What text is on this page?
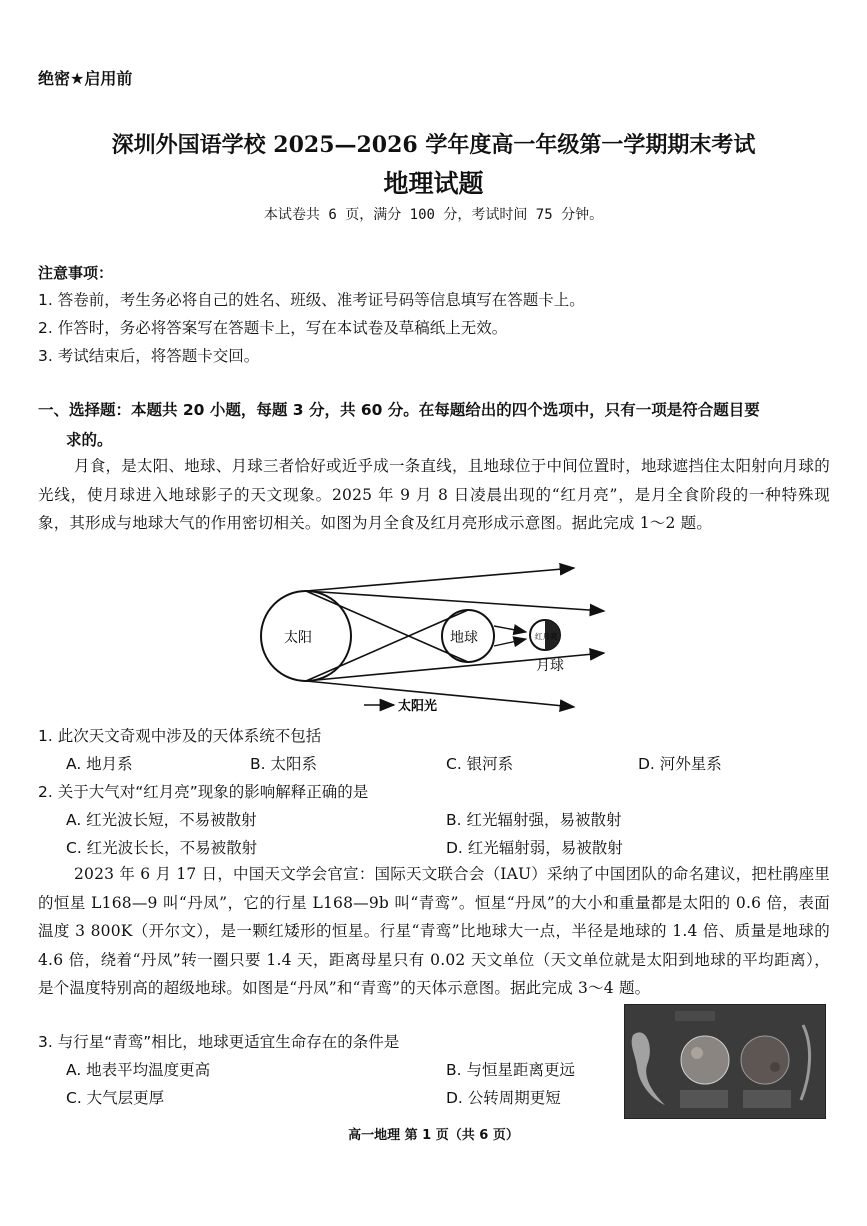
绝密★启用前
深圳外国语学校 2025—2026 学年度高一年级第一学期期末考试
地理试题
本试卷共 6 页，满分 100 分，考试时间 75 分钟。
注意事项：
1. 答卷前，考生务必将自己的姓名、班级、准考证号码等信息填写在答题卡上。
2. 作答时，务必将答案写在答题卡上，写在本试卷及草稿纸上无效。
3. 考试结束后，将答题卡交回。
一、选择题：本题共 20 小题，每题 3 分，共 60 分。在每题给出的四个选项中，只有一项是符合题目要
求的。
月食，是太阳、地球、月球三者恰好或近乎成一条直线，且地球位于中间位置时，地球遮挡住太阳射向月球的光线，使月球进入地球影子的天文现象。2025 年 9 月 8 日凌晨出现的“红月亮”，是月全食阶段的一种特殊现象，其形成与地球大气的作用密切相关。如图为月全食及红月亮形成示意图。据此完成 1～2 题。
太阳	地球
月球
红月亮
太阳光
1. 此次天文奇观中涉及的天体系统不包括
A. 地月系	B. 太阳系	C. 银河系	D. 河外星系
2. 关于大气对“红月亮”现象的影响解释正确的是
A. 红光波长短，不易被散射	B. 红光辐射强，易被散射
C. 红光波长长，不易被散射	D. 红光辐射弱，易被散射
2023 年 6 月 17 日，中国天文学会官宣：国际天文联合会（IAU）采纳了中国团队的命名建议，把杜鹃座里的恒星 L168—9 叫“丹凤”，它的行星 L168—9b 叫“青鸾”。恒星“丹凤”的大小和重量都是太阳的 0.6 倍，表面温度 3 800K（开尔文），是一颗红矮形的恒星。行星“青鸾”比地球大一点，半径是地球的 1.4 倍、质量是地球的 4.6 倍，绕着“丹凤”转一圈只要 1.4 天，距离母星只有 0.02 天文单位（天文单位就是太阳到地球的平均距离），是个温度特别高的超级地球。如图是“丹凤”和“青鸾”的天体示意图。据此完成 3～4 题。
3. 与行星“青鸾”相比，地球更适宜生命存在的条件是
A. 地表平均温度更高	B. 与恒星距离更远
C. 大气层更厚	D. 公转周期更短
高一地理 第 1 页（共 6 页）
